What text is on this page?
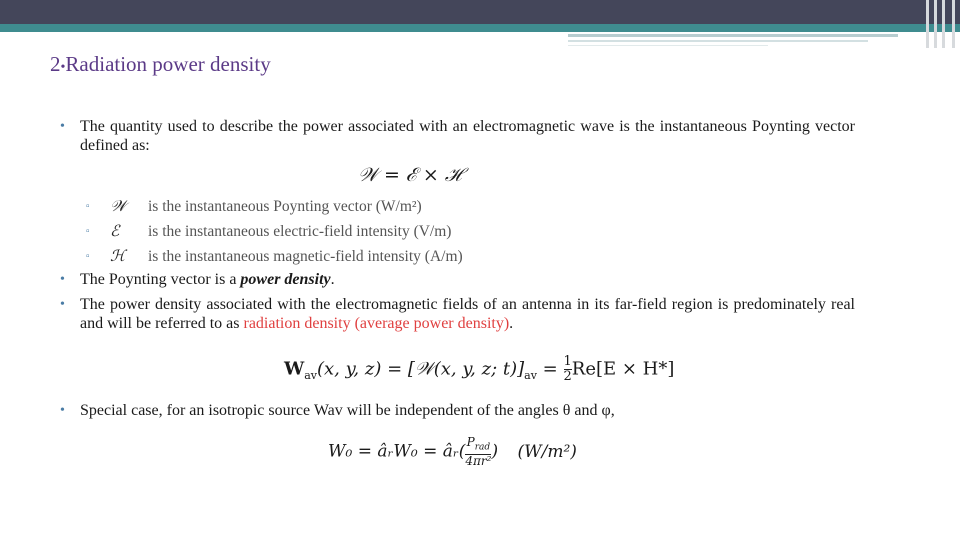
2•Radiation power density
• The quantity used to describe the power associated with an electromagnetic wave is the instantaneous Poynting vector defined as:
𝒲 = ℰ × ℋ
▫ 𝒲 is the instantaneous Poynting vector (W/m²)
▫ ℰ is the instantaneous electric-field intensity (V/m)
▫ ℋ is the instantaneous magnetic-field intensity (A/m)
• The Poynting vector is a power density.
• The power density associated with the electromagnetic fields of an antenna in its far-field region is predominately real and will be referred to as radiation density (average power density).
$W_{av}(x$, y, z) = [𝒲(x, y, z; $t)]_{av} = \frac{1}{2} Re[E \times H*]$
• Special case, for an isotropic source Wav will be independent of the angles θ and φ,
W₀ = âᵣW₀ = âᵣ( $P_{rad}$
4πr² ) (W/m²)
